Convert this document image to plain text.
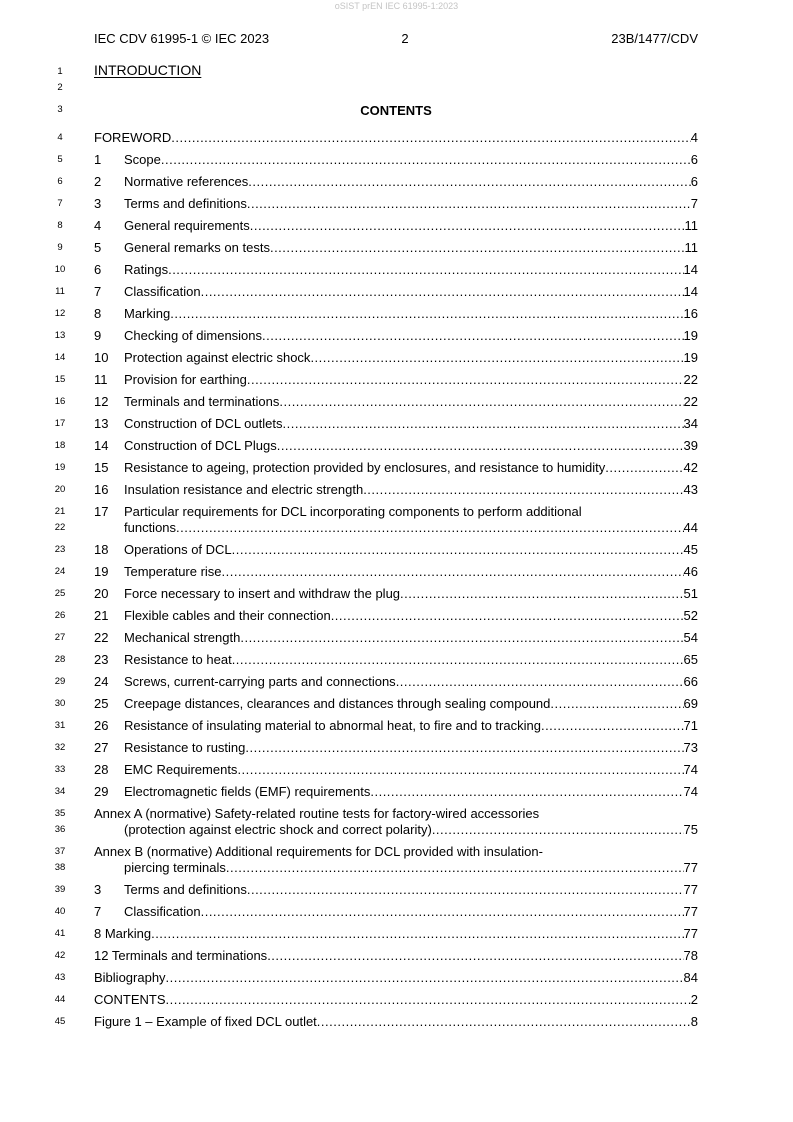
oSIST prEN IEC 61995-1:2023
IEC CDV 61995-1 © IEC 2023	2	23B/1477/CDV
1
2
3
4
5
6
7
8
9
10
11
12
13
14
15
16
17
18
19
20
21
22
23
24
25
26
27
28
29
30
31
32
33
34
35
36
37
38
39
40
41
42
43
44
45
INTRODUCTION
CONTENTS
FOREWORD .....	4
1	Scope .....	6
2	Normative references .....	6
3	Terms and definitions .....	7
4	General requirements .....	11
5	General remarks on tests .....	11
6	Ratings .....	14
7	Classification .....	14
8	Marking .....	16
9	Checking of dimensions .....	19
10	Protection against electric shock .....	19
11	Provision for earthing .....	22
12	Terminals and terminations .....	22
13	Construction of DCL outlets .....	34
14	Construction of DCL Plugs .....	39
15	Resistance to ageing, protection provided by enclosures, and resistance to humidity .....	42
16	Insulation resistance and electric strength .....	43
17 Particular requirements for DCL incorporating components to perform additional
functions .....	44
18	Operations of DCL .....	45
19	Temperature rise .....	46
20	Force necessary to insert and withdraw the plug .....	51
21	Flexible cables and their connection .....	52
22	Mechanical strength .....	54
23	Resistance to heat .....	65
24	Screws, current-carrying parts and connections .....	66
25	Creepage distances, clearances and distances through sealing compound .....	69
26	Resistance of insulating material to abnormal heat, to fire and to tracking .....	71
27	Resistance to rusting .....	73
28	EMC Requirements .....	74
29	Electromagnetic fields (EMF) requirements .....	74
Annex A (normative) Safety-related routine tests for factory-wired accessories
(protection against electric shock and correct polarity) .....	75
Annex B (normative) Additional requirements for DCL provided with insulation-
piercing terminals .....	77
3	Terms and definitions .....	77
7	Classification .....	77
8 Marking .....	77
12 Terminals and terminations .....	78
Bibliography .....	84
CONTENTS .....	2
Figure 1 – Example of fixed DCL outlet .....	8
